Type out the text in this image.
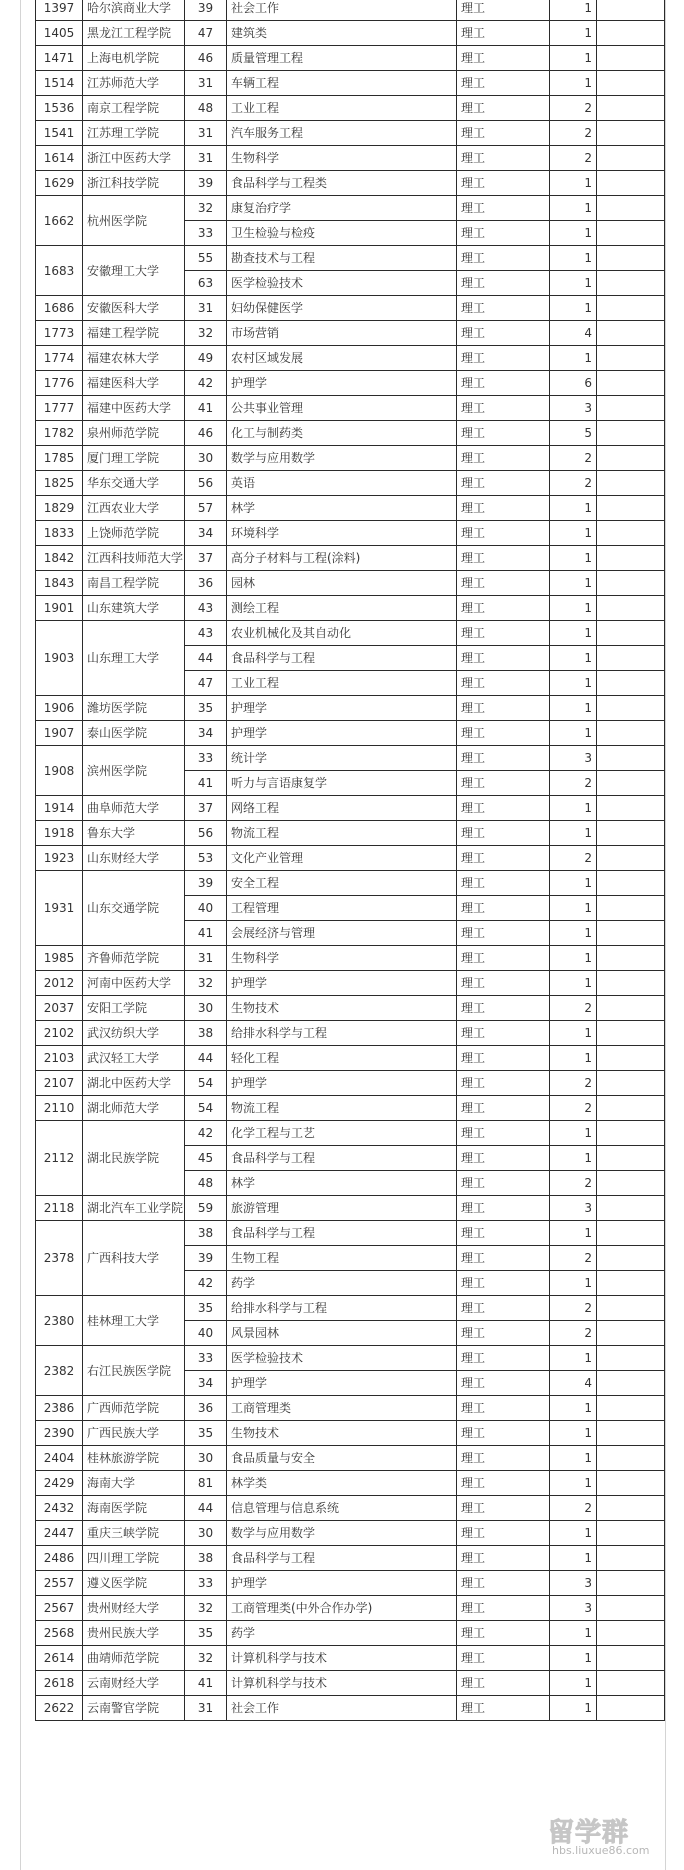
1397	哈尔滨商业大学	39	社会工作	理工	1	
1405	黑龙江工程学院	47	建筑类	理工	1	
1471	上海电机学院	46	质量管理工程	理工	1	
1514	江苏师范大学	31	车辆工程	理工	1	
1536	南京工程学院	48	工业工程	理工	2	
1541	江苏理工学院	31	汽车服务工程	理工	2	
1614	浙江中医药大学	31	生物科学	理工	2	
1629	浙江科技学院	39	食品科学与工程类	理工	1	
1662	杭州医学院	32	康复治疗学	理工	1	
		33	卫生检验与检疫	理工	1	
1683	安徽理工大学	55	勘查技术与工程	理工	1	
		63	医学检验技术	理工	1	
1686	安徽医科大学	31	妇幼保健医学	理工	1	
1773	福建工程学院	32	市场营销	理工	4	
1774	福建农林大学	49	农村区域发展	理工	1	
1776	福建医科大学	42	护理学	理工	6	
1777	福建中医药大学	41	公共事业管理	理工	3	
1782	泉州师范学院	46	化工与制药类	理工	5	
1785	厦门理工学院	30	数学与应用数学	理工	2	
1825	华东交通大学	56	英语	理工	2	
1829	江西农业大学	57	林学	理工	1	
1833	上饶师范学院	34	环境科学	理工	1	
1842	江西科技师范大学	37	高分子材料与工程(涂料)	理工	1	
1843	南昌工程学院	36	园林	理工	1	
1901	山东建筑大学	43	测绘工程	理工	1	
1903	山东理工大学	43	农业机械化及其自动化	理工	1	
		44	食品科学与工程	理工	1	
		47	工业工程	理工	1	
1906	潍坊医学院	35	护理学	理工	1	
1907	泰山医学院	34	护理学	理工	1	
1908	滨州医学院	33	统计学	理工	3	
		41	听力与言语康复学	理工	2	
1914	曲阜师范大学	37	网络工程	理工	1	
1918	鲁东大学	56	物流工程	理工	1	
1923	山东财经大学	53	文化产业管理	理工	2	
1931	山东交通学院	39	安全工程	理工	1	
		40	工程管理	理工	1	
		41	会展经济与管理	理工	1	
1985	齐鲁师范学院	31	生物科学	理工	1	
2012	河南中医药大学	32	护理学	理工	1	
2037	安阳工学院	30	生物技术	理工	2	
2102	武汉纺织大学	38	给排水科学与工程	理工	1	
2103	武汉轻工大学	44	轻化工程	理工	1	
2107	湖北中医药大学	54	护理学	理工	2	
2110	湖北师范大学	54	物流工程	理工	2	
2112	湖北民族学院	42	化学工程与工艺	理工	1	
		45	食品科学与工程	理工	1	
		48	林学	理工	2	
2118	湖北汽车工业学院	59	旅游管理	理工	3	
2378	广西科技大学	38	食品科学与工程	理工	1	
		39	生物工程	理工	2	
		42	药学	理工	1	
2380	桂林理工大学	35	给排水科学与工程	理工	2	
		40	风景园林	理工	2	
2382	右江民族医学院	33	医学检验技术	理工	1	
		34	护理学	理工	4	
2386	广西师范学院	36	工商管理类	理工	1	
2390	广西民族大学	35	生物技术	理工	1	
2404	桂林旅游学院	30	食品质量与安全	理工	1	
2429	海南大学	81	林学类	理工	1	
2432	海南医学院	44	信息管理与信息系统	理工	2	
2447	重庆三峡学院	30	数学与应用数学	理工	1	
2486	四川理工学院	38	食品科学与工程	理工	1	
2557	遵义医学院	33	护理学	理工	3	
2567	贵州财经大学	32	工商管理类(中外合作办学)	理工	3	
2568	贵州民族大学	35	药学	理工	1	
2614	曲靖师范学院	32	计算机科学与技术	理工	1	
2618	云南财经大学	41	计算机科学与技术	理工	1	
2622	云南警官学院	31	社会工作	理工	1	
留学群
hbs.liuxue86.com
